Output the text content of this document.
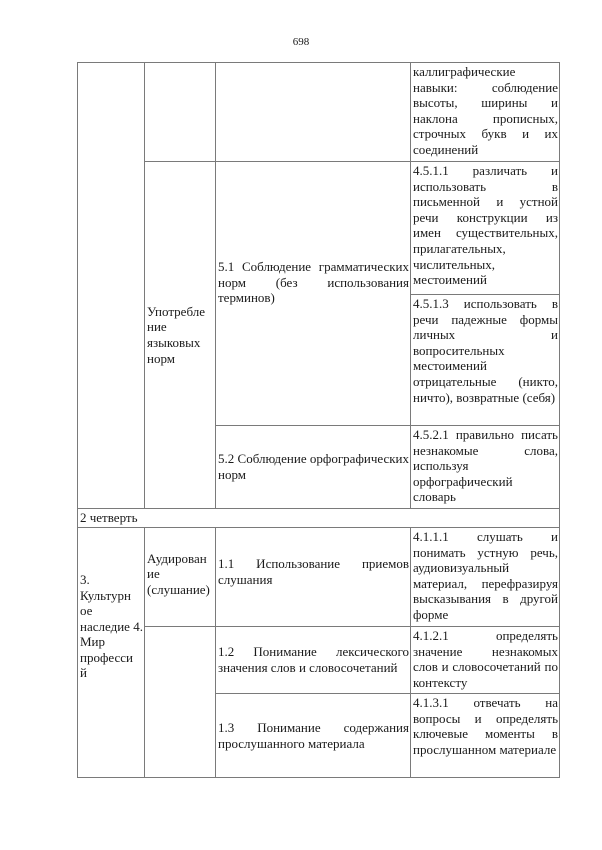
698
каллиграфические навыки: соблюдение высоты, ширины и наклона прописных, строчных букв и их соединений
Употребле ние языковых норм
5.1 Соблюдение грамматических норм (без использования терминов)
4.5.1.1 различать и использовать в письменной и устной речи конструкции из имен существительных, прилагательных, числительных, местоимений
4.5.1.3 использовать в речи падежные формы личных и вопросительных местоимений отрицательные (никто, ничто), возвратные (себя)
5.2 Соблюдение орфографических норм
4.5.2.1 правильно писать незнакомые слова, используя орфографический словарь
2 четверть
3. Культурн ое наследие 4. Мир професси й
Аудирован ие (слушание)
1.1 Использование приемов слушания
4.1.1.1 слушать и понимать устную речь, аудиовизуальный материал, перефразируя высказывания в другой форме
1.2 Понимание лексического значения слов и словосочетаний
4.1.2.1 определять значение незнакомых слов и словосочетаний по контексту
1.3 Понимание содержания прослушанного материала
4.1.3.1 отвечать на вопросы и определять ключевые моменты в прослушанном материале
